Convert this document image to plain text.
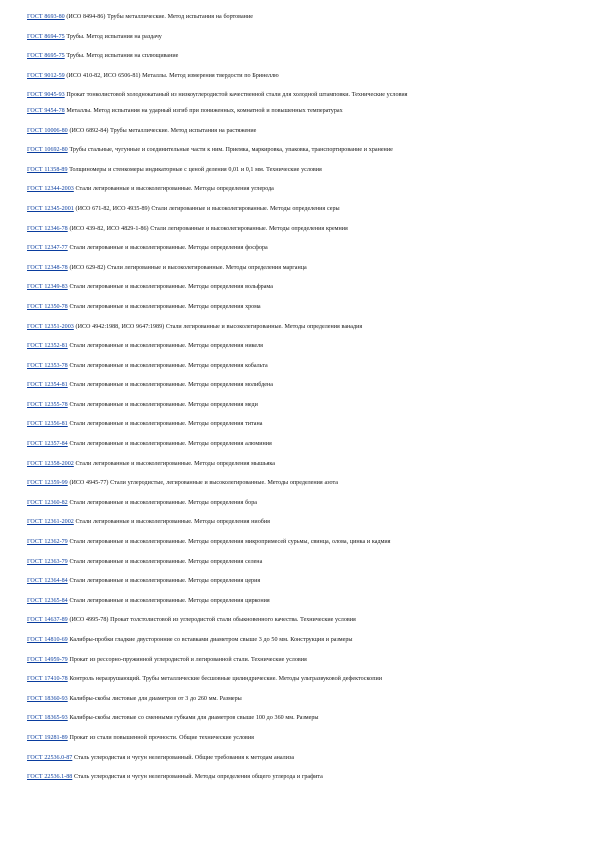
ГОСТ 8693-80 (ИСО 8494-86) Трубы металлические. Метод испытания на бортование
ГОСТ 8694-75 Трубы. Метод испытания на раздачу
ГОСТ 8695-75 Трубы. Метод испытания на сплющивание
ГОСТ 9012-59 (ИСО 410-82, ИСО 6506-81) Металлы. Метод измерения твердости по Бринеллю
ГОСТ 9045-93 Прокат тонколистовой холоднокатаный из низкоуглеродистой качественной стали для холодной штамповки. Технические условия
ГОСТ 9454-78 Металлы. Метод испытания на ударный изгиб при пониженных, комнатной и повышенных температурах
ГОСТ 10006-80 (ИСО 6892-84) Трубы металлические. Метод испытания на растяжение
ГОСТ 10692-80 Трубы стальные, чугунные и соединительные части к ним. Приемка, маркировка, упаковка, транспортирование и хранение
ГОСТ 11358-89 Толщиномеры и стенкомеры индикаторные с ценой деления 0,01 и 0,1 мм. Технические условия
ГОСТ 12344-2003 Стали легированные и высоколегированные. Методы определения углерода
ГОСТ 12345-2001 (ИСО 671-82, ИСО 4935-89) Стали легированные и высоколегированные. Методы определения серы
ГОСТ 12346-78 (ИСО 439-82, ИСО 4829-1-86) Стали легированные и высоколегированные. Методы определения кремния
ГОСТ 12347-77 Стали легированные и высоколегированные. Методы определения фосфора
ГОСТ 12348-78 (ИСО 629-82) Стали легированные и высоколегированные. Методы определения марганца
ГОСТ 12349-83 Стали легированные и высоколегированные. Методы определения вольфрама
ГОСТ 12350-78 Стали легированные и высоколегированные. Методы определения хрома
ГОСТ 12351-2003 (ИСО 4942:1988, ИСО 9647:1989) Стали легированные и высоколегированные. Методы определения ванадия
ГОСТ 12352-81 Стали легированные и высоколегированные. Методы определения никеля
ГОСТ 12353-78 Стали легированные и высоколегированные. Методы определения кобальта
ГОСТ 12354-81 Стали легированные и высоколегированные. Методы определения молибдена
ГОСТ 12355-78 Стали легированные и высоколегированные. Методы определения меди
ГОСТ 12356-81 Стали легированные и высоколегированные. Методы определения титана
ГОСТ 12357-84 Стали легированные и высоколегированные. Методы определения алюминия
ГОСТ 12358-2002 Стали легированные и высоколегированные. Методы определения мышьяка
ГОСТ 12359-99 (ИСО 4945-77) Стали углеродистые, легированные и высоколегированные. Методы определения азота
ГОСТ 12360-82 Стали легированные и высоколегированные. Методы определения бора
ГОСТ 12361-2002 Стали легированные и высоколегированные. Методы определения ниобия
ГОСТ 12362-79 Стали легированные и высоколегированные. Методы определения микропримесей сурьмы, свинца, олова, цинка и кадмия
ГОСТ 12363-79 Стали легированные и высоколегированные. Методы определения селена
ГОСТ 12364-84 Стали легированные и высоколегированные. Методы определения церия
ГОСТ 12365-84 Стали легированные и высоколегированные. Методы определения циркония
ГОСТ 14637-89 (ИСО 4995-78) Прокат толстолистовой из углеродистой стали обыкновенного качества. Технические условия
ГОСТ 14810-69 Калибры-пробки гладкие двусторонние со вставками диаметром свыше 3 до 50 мм. Конструкция и размеры
ГОСТ 14959-79 Прокат из рессорно-пружинной углеродистой и легированной стали. Технические условия
ГОСТ 17410-78 Контроль неразрушающий. Трубы металлические бесшовные цилиндрические. Методы ультразвуковой дефектоскопии
ГОСТ 18360-93 Калибры-скобы листовые для диаметров от 3 до 260 мм. Размеры
ГОСТ 18365-93 Калибры-скобы листовые со сменными губками для диаметров свыше 100 до 360 мм. Размеры
ГОСТ 19281-89 Прокат из стали повышенной прочности. Общие технические условия
ГОСТ 22536.0-87 Сталь углеродистая и чугун нелегированный. Общие требования к методам анализа
ГОСТ 22536.1-88 Сталь углеродистая и чугун нелегированный. Методы определения общего углерода и графита
